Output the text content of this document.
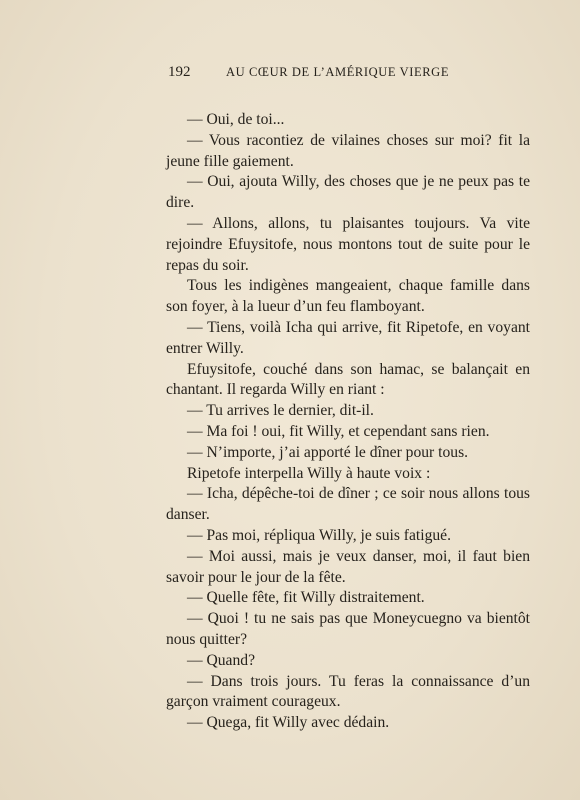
192	AU CŒUR DE L’AMÉRIQUE VIERGE

— Oui, de toi...

— Vous racontiez de vilaines choses sur moi? fit la jeune fille gaiement.

— Oui, ajouta Willy, des choses que je ne peux pas te dire.

— Allons, allons, tu plaisantes toujours. Va vite rejoindre Efuysitofe, nous montons tout de suite pour le repas du soir.

Tous les indigènes mangeaient, chaque famille dans son foyer, à la lueur d’un feu flamboyant.

— Tiens, voilà Icha qui arrive, fit Ripetofe, en voyant entrer Willy.

Efuysitofe, couché dans son hamac, se balançait en chantant. Il regarda Willy en riant :

— Tu arrives le dernier, dit-il.

— Ma foi ! oui, fit Willy, et cependant sans rien.

— N’importe, j’ai apporté le dîner pour tous.

Ripetofe interpella Willy à haute voix :

— Icha, dépêche-toi de dîner ; ce soir nous allons tous danser.

— Pas moi, répliqua Willy, je suis fatigué.

— Moi aussi, mais je veux danser, moi, il faut bien savoir pour le jour de la fête.

— Quelle fête, fit Willy distraitement.

— Quoi ! tu ne sais pas que Moneycuegno va bientôt nous quitter?

— Quand?

— Dans trois jours. Tu feras la connaissance d’un garçon vraiment courageux.

— Quega, fit Willy avec dédain.
